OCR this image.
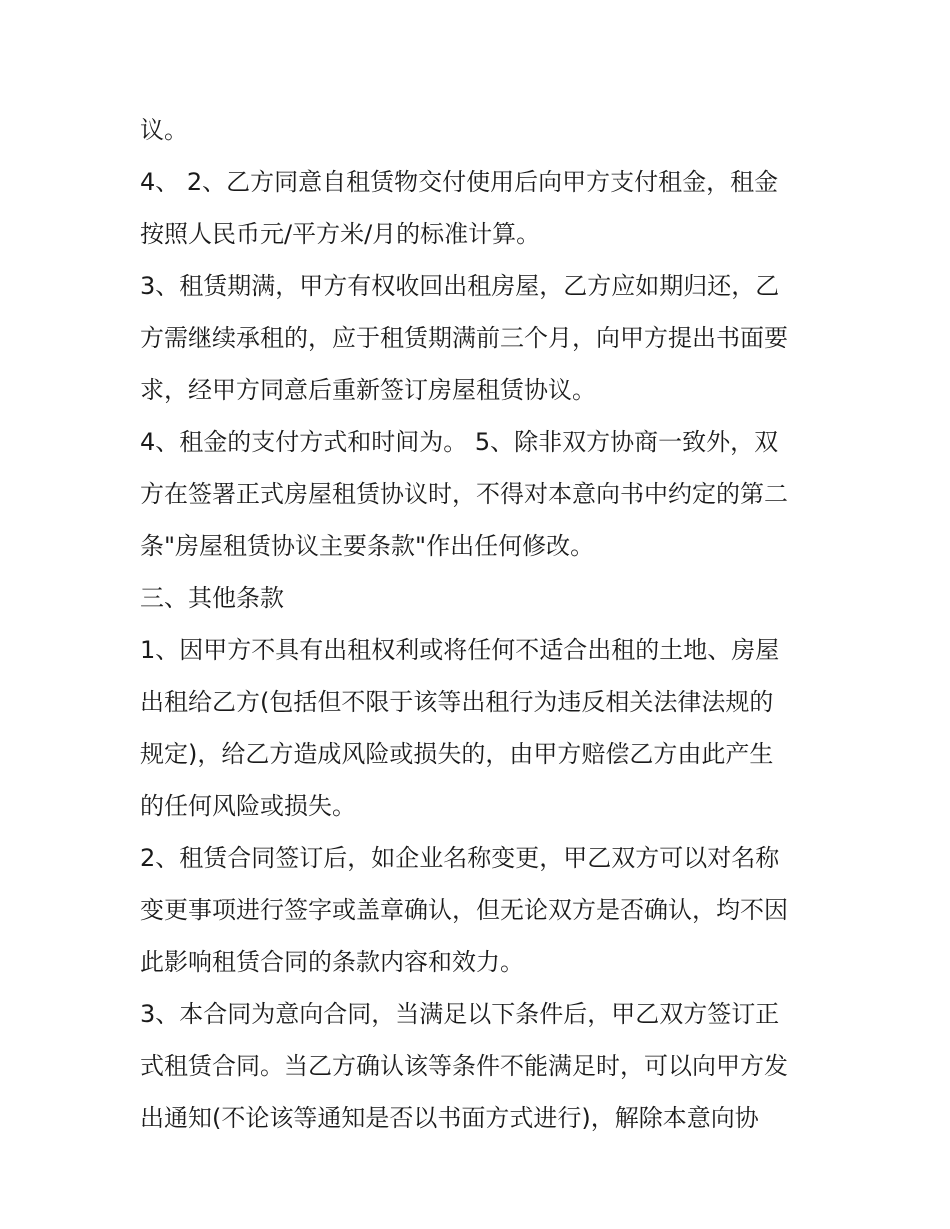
议。
4、 2、乙方同意自租赁物交付使用后向甲方支付租金，租金
按照人民币元/平方米/月的标准计算。
3、租赁期满，甲方有权收回出租房屋，乙方应如期归还，乙
方需继续承租的，应于租赁期满前三个月，向甲方提出书面要
求，经甲方同意后重新签订房屋租赁协议。
4、租金的支付方式和时间为。 5、除非双方协商一致外，双
方在签署正式房屋租赁协议时，不得对本意向书中约定的第二
条"房屋租赁协议主要条款"作出任何修改。
三、其他条款
1、因甲方不具有出租权利或将任何不适合出租的土地、房屋
出租给乙方(包括但不限于该等出租行为违反相关法律法规的
规定)，给乙方造成风险或损失的，由甲方赔偿乙方由此产生
的任何风险或损失。
2、租赁合同签订后，如企业名称变更，甲乙双方可以对名称
变更事项进行签字或盖章确认，但无论双方是否确认，均不因
此影响租赁合同的条款内容和效力。
3、本合同为意向合同，当满足以下条件后，甲乙双方签订正
式租赁合同。当乙方确认该等条件不能满足时，可以向甲方发
出通知(不论该等通知是否以书面方式进行)，解除本意向协
